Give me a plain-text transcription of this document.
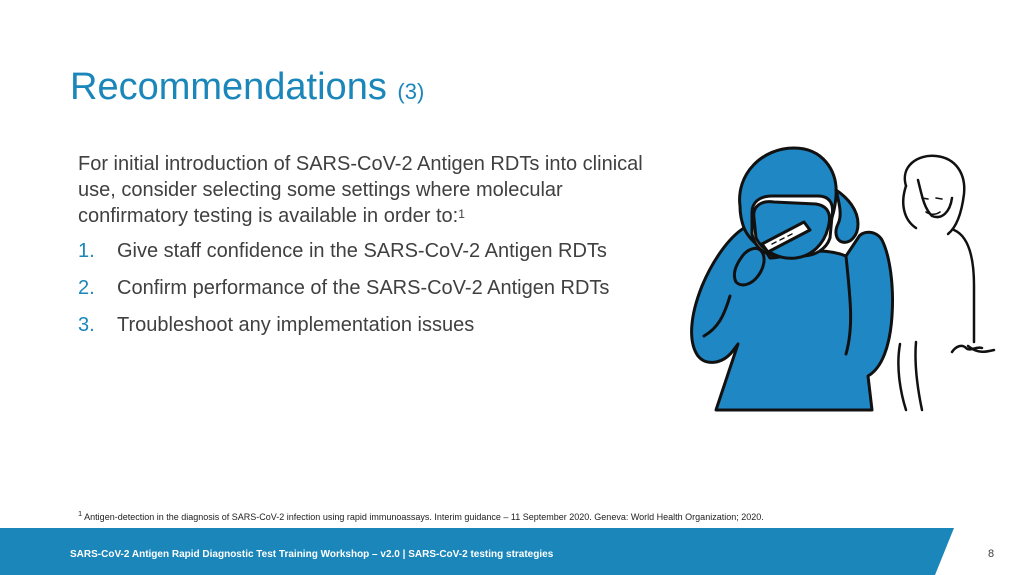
Recommendations (3)
For initial introduction of SARS-CoV-2 Antigen RDTs into clinical use, consider selecting some settings where molecular confirmatory testing is available in order to:$^1$
1. Give staff confidence in the SARS-CoV-2 Antigen RDTs
2. Confirm performance of the SARS-CoV-2 Antigen RDTs
3. Troubleshoot any implementation issues
$^1$ Antigen-detection in the diagnosis of SARS-CoV-2 infection using rapid immunoassays. Interim guidance – 11 September 2020. Geneva: World Health Organization; 2020.
SARS-CoV-2 Antigen Rapid Diagnostic Test Training Workshop – v2.0 | SARS-CoV-2 testing strategies	8
